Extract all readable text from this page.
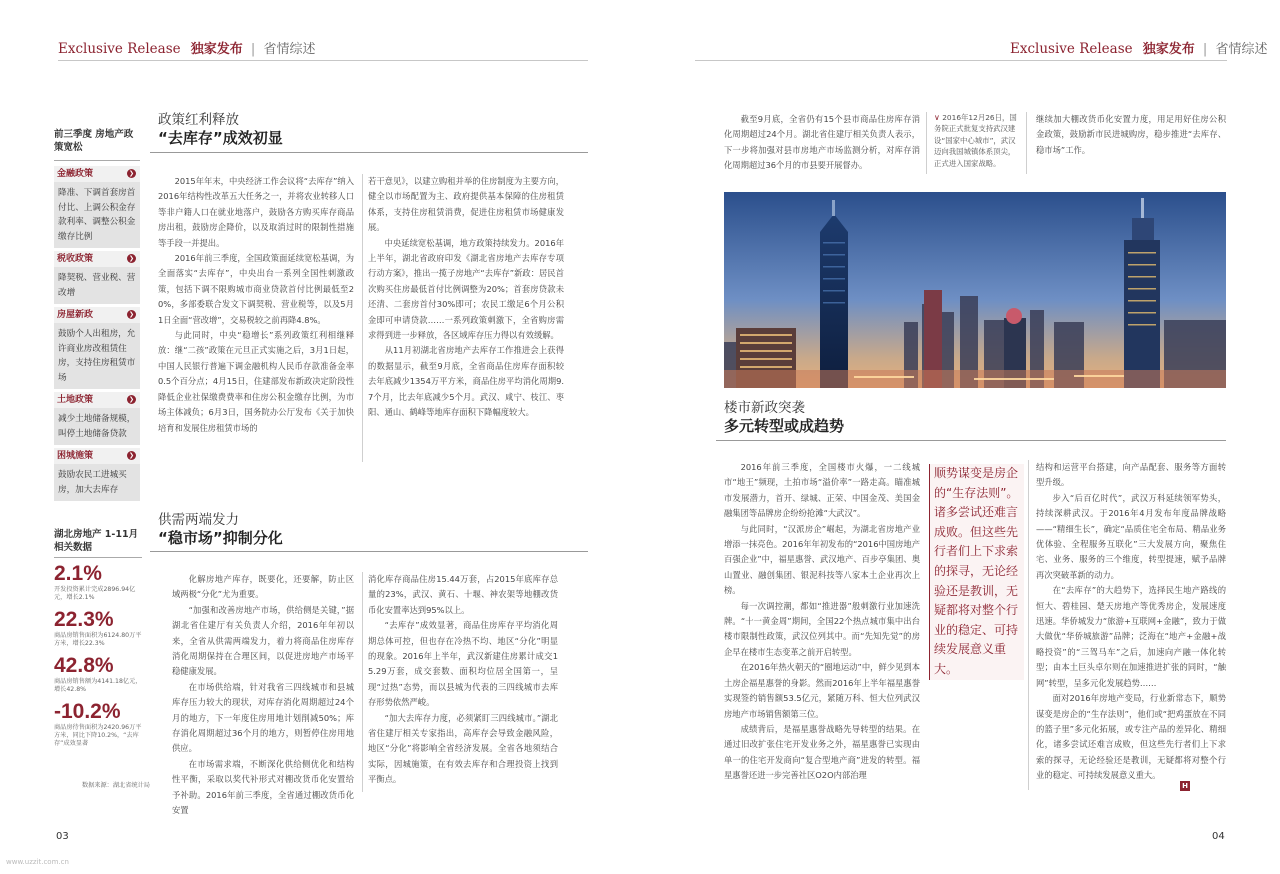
Exclusive Release 独家发布 | 省情综述	Exclusive Release 独家发布 | 省情综述
前三季度 房地产政策宽松
金融政策	❯
降准、下调首套房首付比、上调公积金存款利率、调整公积金缴存比例
税收政策	❯
降契税、营业税、营改增
房屋新政	❯
鼓励个人出租房，允许商业房改租赁住房，支持住房租赁市场
土地政策	❯
减少土地储备规模，叫停土地储备贷款
困城施策	❯
鼓励农民工进城买房，加大去库存
政策红利释放
“去库存”成效初显

2015年年末，中央经济工作会议将“去库存”纳入2016年结构性改革五大任务之一，并将农业转移人口等非户籍人口在就业地落户，鼓励各方购买库存商品房出租，鼓励房企降价，以及取消过时的限制性措施等手段一并提出。

2016年前三季度，全国政策面延续宽松基调，为全面落实“去库存”，中央出台一系列全国性刺激政策，包括下调不限购城市商业贷款首付比例最低至20%，多部委联合发文下调契税、营业税等，以及5月1日全面“营改增”，交易税较之前再降4.8%。

与此同时，中央“稳增长”系列政策红利相继释放：继“二孩”政策在元旦正式实施之后，3月1日起，中国人民银行普遍下调金融机构人民币存款准备金率0.5个百分点；4月15日，住建部发布新政决定阶段性降低企业社保缴费费率和住房公积金缴存比例，为市场主体减负；6月3日，国务院办公厅发布《关于加快培育和发展住房租赁市场的

若干意见》，以建立购租并举的住房制度为主要方向，健全以市场配置为主、政府提供基本保障的住房租赁体系，支持住房租赁消费，促进住房租赁市场健康发展。

中央延续宽松基调，地方政策持续发力。2016年上半年，湖北省政府印发《湖北省房地产去库存专项行动方案》，推出一揽子房地产“去库存”新政：居民首次购买住房最低首付比例调整为20%；首套房贷款未还清、二套房首付30%即可；农民工缴足6个月公积金即可申请贷款……一系列政策刺激下，全省购房需求得到进一步释放，各区域库存压力得以有效缓解。

从11月初湖北省房地产去库存工作推进会上获得的数据显示，截至9月底，全省商品住房库存面积较去年底减少1354万平方米，商品住房平均消化周期9.7个月，比去年底减少5个月。武汉、咸宁、枝江、枣阳、通山、鹤峰等地库存面积下降幅度较大。

湖北房地产 1-11月 相关数据
2.1%
开发投资累计完成2896.94亿元，增长2.1%
22.3%
商品房销售面积为6124.80万平方米，增长22.3%
42.8%
商品房销售额为4141.18亿元，增长42.8%
-10.2%
商品房待售面积为2420.96万平方米，同比下降10.2%，“去库存”成效显著
数据来源：湖北省统计局
供需两端发力
“稳市场”抑制分化

化解房地产库存，既要化，还要解，防止区域两极“分化”尤为重要。

“加强和改善房地产市场，供给侧是关键，”据湖北省住建厅有关负责人介绍，2016年年初以来，全省从供需两端发力，着力将商品住房库存消化周期保持在合理区间，以促进房地产市场平稳健康发展。

在市场供给端，针对我省三四线城市和县城库存压力较大的现状，对库存消化周期超过24个月的地方，下一年度住房用地计划削减50%；库存消化周期超过36个月的地方，则暂停住房用地供应。

在市场需求端，不断深化供给侧优化和结构性平衡，采取以奖代补形式对棚改货币化安置给予补助。2016年前三季度，全省通过棚改货币化安置

消化库存商品住房15.44万套，占2015年底库存总量的23%，武汉、黄石、十堰、神农架等地棚改货币化安置率达到95%以上。

“去库存”成效显著，商品住房库存平均消化周期总体可控，但也存在冷热不均、地区“分化”明显的现象。2016年上半年，武汉新建住房累计成交15.29万套，成交套数、面积均位居全国第一，呈现“过热”态势，而以县城为代表的三四线城市去库存形势依然严峻。

“加大去库存力度，必须紧盯三四线城市。”湖北省住建厅相关专家指出，高库存会导致金融风险，地区“分化”将影响全省经济发展。全省各地须结合实际，因城施策，在有效去库存和合理投资上找到平衡点。

03
www.uzzit.com.cn

截至9月底，全省仍有15个县市商品住房库存消化周期超过24个月。湖北省住建厅相关负责人表示，下一步将加强对县市房地产市场监测分析，对库存消化周期超过36个月的市县要开展督办。

∨ 2016年12月26日，国务院正式批复支持武汉建设“国家中心城市”，武汉迈向我国城镇体系顶尖，正式进入国家战略。

继续加大棚改货币化安置力度，用足用好住房公积金政策，鼓励新市民进城购房，稳步推进“去库存、稳市场”工作。

楼市新政突袭
多元转型或成趋势

2016年前三季度，全国楼市火爆，一二线城市“地王”频现，土拍市场“溢价率”一路走高。瞄准城市发展潜力，首开、绿城、正荣、中国金茂、美国金融集团等品牌房企纷纷抢滩“大武汉”。

与此同时，“汉派房企”崛起，为湖北省房地产业增添一抹亮色。2016年年初发布的“2016中国房地产百强企业”中，福星惠誉、武汉地产、百步亭集团、奥山置业、融创集团、银泥科技等八家本土企业再次上榜。

每一次调控潮，都如“推进器”般刺激行业加速洗牌。“十一黄金周”期间，全国22个热点城市集中出台楼市限制性政策，武汉位列其中。而“先知先觉”的房企早在楼市生态变革之前开启转型。

在2016年热火朝天的“圈地运动”中，鲜少见到本土房企福星惠誉的身影。然而2016年上半年福星惠誉实现签约销售额53.5亿元，紧随万科、恒大位列武汉房地产市场销售额第三位。

成绩背后，是福星惠誉战略先导转型的结果。在通过旧改扩张住宅开发业务之外，福星惠誉已实现由单一的住宅开发商向“复合型地产商”进发的转型。福星惠誉还进一步完善社区O2O内部治理

顺势谋变是房企的“生存法则”。诸多尝试还难言成败。但这些先行者们上下求索的探寻，无论经验还是教训，无疑都将对整个行业的稳定、可持续发展意义重大。

结构和运营平台搭建，向产品配套、服务等方面转型升级。

步入“后百亿时代”，武汉万科延续领军势头，持续深耕武汉。于2016年4月发布年度品牌战略——“精细生长”，确定“品质住宅全布局、精品业务优体验、全程服务互联化”三大发展方向，聚焦住宅、业务、服务的三个维度，转型提速，赋予品牌再次突破革新的动力。

在“去库存”的大趋势下，选择民生地产路线的恒大、碧桂园、楚天房地产等优秀房企，发展速度迅速。华侨城发力“旅游+互联网+金融”，致力于做大做优“华侨城旅游”品牌；泛海在“地产+金融+战略投资”的“三驾马车”之后，加速向产融一体化转型；由本土巨头卓尔则在加速推进扩张的同时，“触网”转型，呈多元化发展趋势……

面对2016年房地产变局，行业新常态下，顺势谋变是房企的“生存法则”，他们或“把鸡蛋放在不同的篮子里”多元化拓展，或专注产品的差异化、精细化，诸多尝试还难言成败，但这些先行者们上下求索的探寻，无论经验还是教训，无疑都将对整个行业的稳定、可持续发展意义重大。

H
04
